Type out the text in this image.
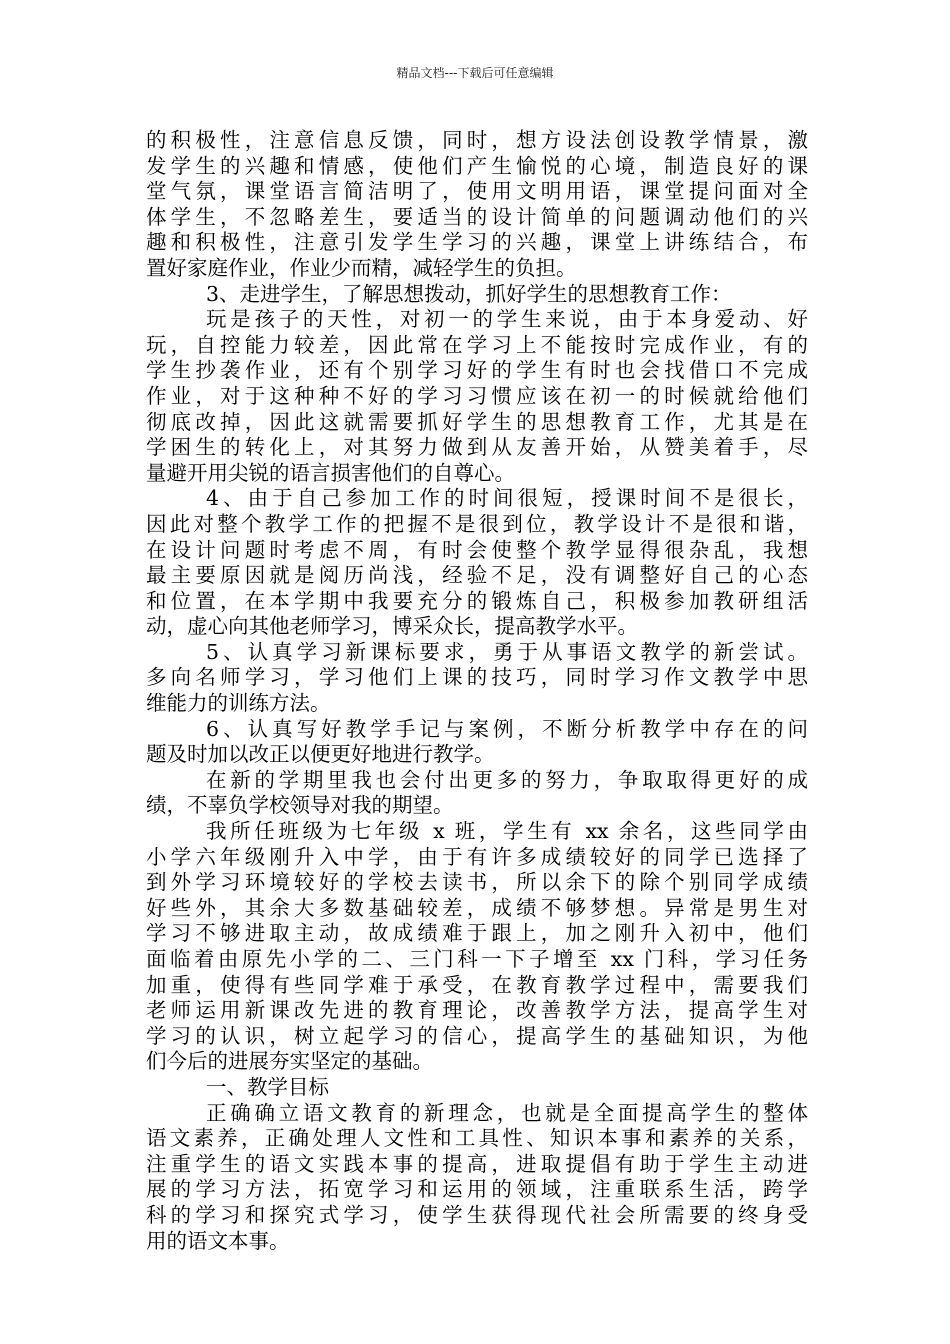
精品文档---下载后可任意编辑
的积极性，注意信息反馈，同时，想方设法创设教学情景，激
发学生的兴趣和情感，使他们产生愉悦的心境，制造良好的课
堂气氛，课堂语言简洁明了，使用文明用语，课堂提问面对全
体学生，不忽略差生，要适当的设计简单的问题调动他们的兴
趣和积极性，注意引发学生学习的兴趣，课堂上讲练结合，布
置好家庭作业，作业少而精，减轻学生的负担。
3、走进学生，了解思想拨动，抓好学生的思想教育工作：
玩是孩子的天性，对初一的学生来说，由于本身爱动、好
玩，自控能力较差，因此常在学习上不能按时完成作业，有的
学生抄袭作业，还有个别学习好的学生有时也会找借口不完成
作业，对于这种种不好的学习习惯应该在初一的时候就给他们
彻底改掉，因此这就需要抓好学生的思想教育工作，尤其是在
学困生的转化上，对其努力做到从友善开始，从赞美着手，尽
量避开用尖锐的语言损害他们的自尊心。
4、由于自己参加工作的时间很短，授课时间不是很长，
因此对整个教学工作的把握不是很到位，教学设计不是很和谐，
在设计问题时考虑不周，有时会使整个教学显得很杂乱，我想
最主要原因就是阅历尚浅，经验不足，没有调整好自己的心态
和位置，在本学期中我要充分的锻炼自己，积极参加教研组活
动，虚心向其他老师学习，博采众长，提高教学水平。
5、认真学习新课标要求，勇于从事语文教学的新尝试。
多向名师学习，学习他们上课的技巧，同时学习作文教学中思
维能力的训练方法。
6、认真写好教学手记与案例，不断分析教学中存在的问
题及时加以改正以便更好地进行教学。
在新的学期里我也会付出更多的努力，争取取得更好的成
绩，不辜负学校领导对我的期望。
我所任班级为七年级 x 班，学生有 xx 余名，这些同学由
小学六年级刚升入中学，由于有许多成绩较好的同学已选择了
到外学习环境较好的学校去读书，所以余下的除个别同学成绩
好些外，其余大多数基础较差，成绩不够梦想。异常是男生对
学习不够进取主动，故成绩难于跟上，加之刚升入初中，他们
面临着由原先小学的二、三门科一下子增至 xx 门科，学习任务
加重，使得有些同学难于承受，在教育教学过程中，需要我们
老师运用新课改先进的教育理论，改善教学方法，提高学生对
学习的认识，树立起学习的信心，提高学生的基础知识，为他
们今后的进展夯实坚定的基础。
一、教学目标
正确确立语文教育的新理念，也就是全面提高学生的整体
语文素养，正确处理人文性和工具性、知识本事和素养的关系，
注重学生的语文实践本事的提高，进取提倡有助于学生主动进
展的学习方法，拓宽学习和运用的领域，注重联系生活，跨学
科的学习和探究式学习，使学生获得现代社会所需要的终身受
用的语文本事。
